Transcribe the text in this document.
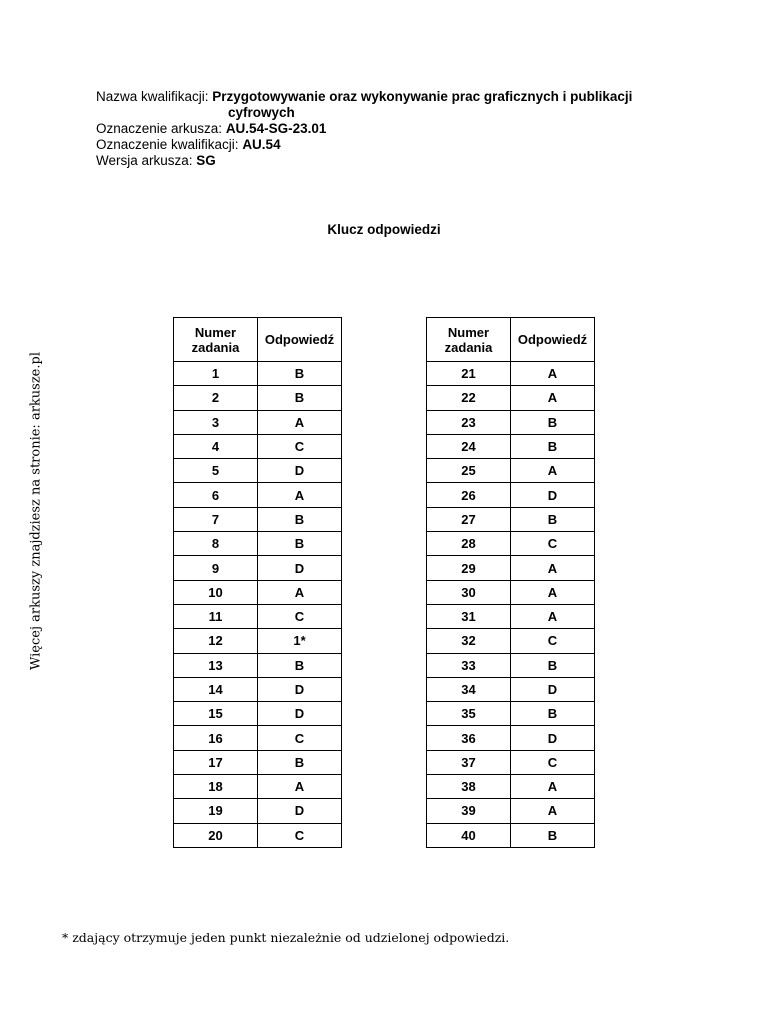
Nazwa kwalifikacji: Przygotowywanie oraz wykonywanie prac graficznych i publikacji
cyfrowych
Oznaczenie arkusza: AU.54-SG-23.01
Oznaczenie kwalifikacji: AU.54
Wersja arkusza: SG
Klucz odpowiedzi
Więcej arkuszy znajdziesz na stronie: arkusze.pl
Numer zadania	Odpowiedź
1	B
2	B
3	A
4	C
5	D
6	A
7	B
8	B
9	D
10	A
11	C
12	1*
13	B
14	D
15	D
16	C
17	B
18	A
19	D
20	C
Numer zadania	Odpowiedź
21	A
22	A
23	B
24	B
25	A
26	D
27	B
28	C
29	A
30	A
31	A
32	C
33	B
34	D
35	B
36	D
37	C
38	A
39	A
40	B
* zdający otrzymuje jeden punkt niezależnie od udzielonej odpowiedzi.
